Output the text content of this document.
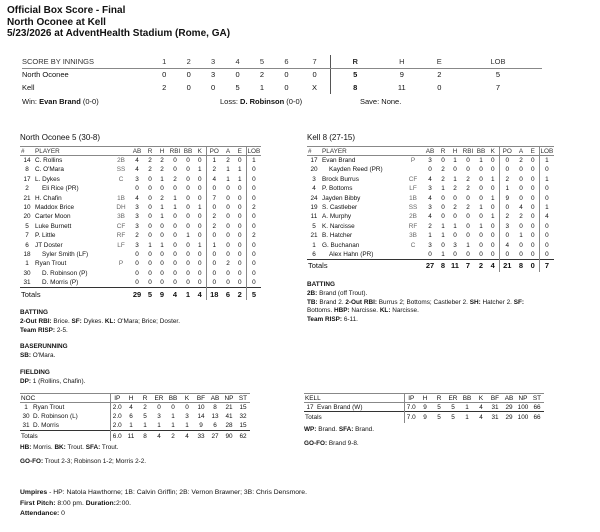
Official Box Score - Final
North Oconee at Kell
5/23/2026 at AdventHealth Stadium (Rome, GA)
SCORE BY INNINGS	1	2	3	4	5	6	7	R	H	E	LOB
North Oconee	0	0	3	0	2	0	0	5	9	2	5
Kell	2	0	0	5	1	0	X	8	11	0	7
Win: Evan Brand (0-0)	Loss: D. Robinson (0-0)	Save: None.
North Oconee 5 (30-8)
#	PLAYER		AB	R	H	RBI	BB	K	PO	A	E	LOB
14	C. Rollins	2B	4	2	2	0	0	0	1	2	0	1
8	C. O'Mara	SS	4	2	2	0	0	1	2	1	1	0
17	L. Dykes	C	3	0	1	2	0	0	4	1	1	0
2	Eli Rice (PR)		0	0	0	0	0	0	0	0	0	0
21	H. Chafin	1B	4	0	2	1	0	0	7	0	0	0
10	Maddox Brice	DH	3	0	1	1	0	1	0	0	0	2
20	Carter Moon	3B	3	0	1	0	0	0	2	0	0	0
5	Luke Burnett	CF	3	0	0	0	0	0	2	0	0	0
7	P. Little	RF	2	0	0	0	1	0	0	0	0	2
6	JT Doster	LF	3	1	1	0	0	1	1	0	0	0
18	Syler Smith (LF)		0	0	0	0	0	0	0	0	0	0
1	Ryan Trout	P	0	0	0	0	0	0	0	2	0	0
30	D. Robinson (P)		0	0	0	0	0	0	0	0	0	0
31	D. Morris (P)		0	0	0	0	0	0	0	0	0	0
Totals			29	5	9	4	1	4	18	6	2	5
Kell 8 (27-15)
#	PLAYER		AB	R	H	RBI	BB	K	PO	A	E	LOB
17	Evan Brand	P	3	0	1	0	1	0	0	2	0	1
20	Kayden Reed (PR)		0	2	0	0	0	0	0	0	0	0
3	Brock Burrus	CF	4	2	1	2	0	1	2	0	0	1
4	P. Bottoms	LF	3	1	2	2	0	0	1	0	0	0
24	Jayden Bibby	1B	4	0	0	0	0	1	9	0	0	0
19	S. Castleber	SS	3	0	2	2	1	0	0	4	0	1
11	A. Murphy	2B	4	0	0	0	0	1	2	2	0	4
5	K. Narcisse	RF	2	1	1	0	1	0	3	0	0	0
21	B. Hatcher	3B	1	1	0	0	0	0	0	1	0	0
1	G. Buchanan	C	3	0	3	1	0	0	4	0	0	0
6	Alex Hahn (PR)		0	1	0	0	0	0	0	0	0	0
Totals			27	8	11	7	2	4	21	8	0	7
BATTING
2-Out RBI: Brice. SF: Dykes. KL: O'Mara; Brice; Doster.
Team RISP: 2-5.
BASERUNNING
SB: O'Mara.
FIELDING
DP: 1 (Rollins, Chafin).
BATTING
2B: Brand (off Trout).
TB: Brand 2. 2-Out RBI: Burrus 2; Bottoms; Castleber 2. SH: Hatcher 2. SF:
Bottoms. HBP: Narcisse. KL: Narcisse.
Team RISP: 6-11.
NOC		IP	H	R	ER	BB	K	BF	AB	NP	ST
1	Ryan Trout	2.0	4	2	0	0	0	10	8	21	15
30	D. Robinson (L)	2.0	6	5	3	1	3	14	13	41	32
31	D. Morris	2.0	1	1	1	1	1	9	6	28	15
Totals		6.0	11	8	4	2	4	33	27	90	62
HB: Morris. BK: Trout. SFA: Trout.
GO-FO: Trout 2-3; Robinson 1-2; Morris 2-2.
KELL		IP	H	R	ER	BB	K	BF	AB	NP	ST
17	Evan Brand (W)	7.0	9	5	5	1	4	31	29	100	66
Totals		7.0	9	5	5	1	4	31	29	100	66
WP: Brand. SFA: Brand.
GO-FO: Brand 9-8.
Umpires - HP: Natola Hawthorne; 1B: Calvin Griffin; 2B: Vernon Brawner; 3B: Chris Densmore.
First Pitch: 8:00 pm. Duration:2:00.
Attendance: 0
